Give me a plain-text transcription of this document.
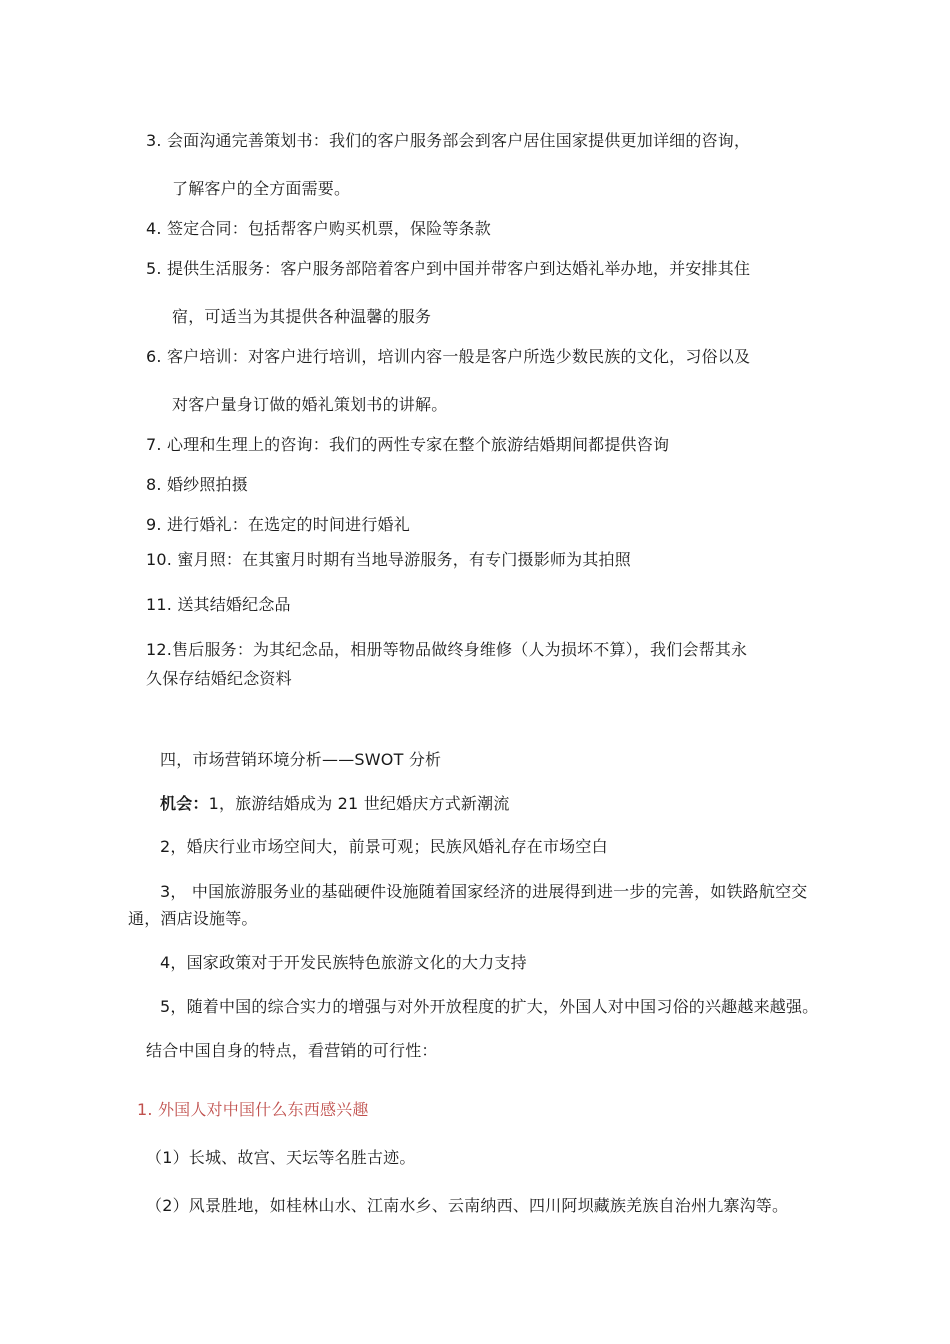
3. 会面沟通完善策划书：我们的客户服务部会到客户居住国家提供更加详细的咨询，
了解客户的全方面需要。
4. 签定合同：包括帮客户购买机票，保险等条款
5. 提供生活服务：客户服务部陪着客户到中国并带客户到达婚礼举办地，并安排其住
宿，可适当为其提供各种温馨的服务
6. 客户培训：对客户进行培训，培训内容一般是客户所选少数民族的文化，习俗以及
对客户量身订做的婚礼策划书的讲解。
7. 心理和生理上的咨询：我们的两性专家在整个旅游结婚期间都提供咨询
8. 婚纱照拍摄
9. 进行婚礼：在选定的时间进行婚礼
10. 蜜月照：在其蜜月时期有当地导游服务，有专门摄影师为其拍照
11. 送其结婚纪念品
12.售后服务：为其纪念品，相册等物品做终身维修（人为损坏不算），我们会帮其永
久保存结婚纪念资料
四，市场营销环境分析——SWOT 分析
机会：1，旅游结婚成为 21 世纪婚庆方式新潮流
2，婚庆行业市场空间大，前景可观；民族风婚礼存在市场空白
3， 中国旅游服务业的基础硬件设施随着国家经济的进展得到进一步的完善，如铁路航空交
通，酒店设施等。
4，国家政策对于开发民族特色旅游文化的大力支持
5，随着中国的综合实力的增强与对外开放程度的扩大，外国人对中国习俗的兴趣越来越强。
结合中国自身的特点，看营销的可行性：
1. 外国人对中国什么东西感兴趣
（1）长城、故宫、天坛等名胜古迹。
（2）风景胜地，如桂林山水、江南水乡、云南纳西、四川阿坝藏族羌族自治州九寨沟等。
